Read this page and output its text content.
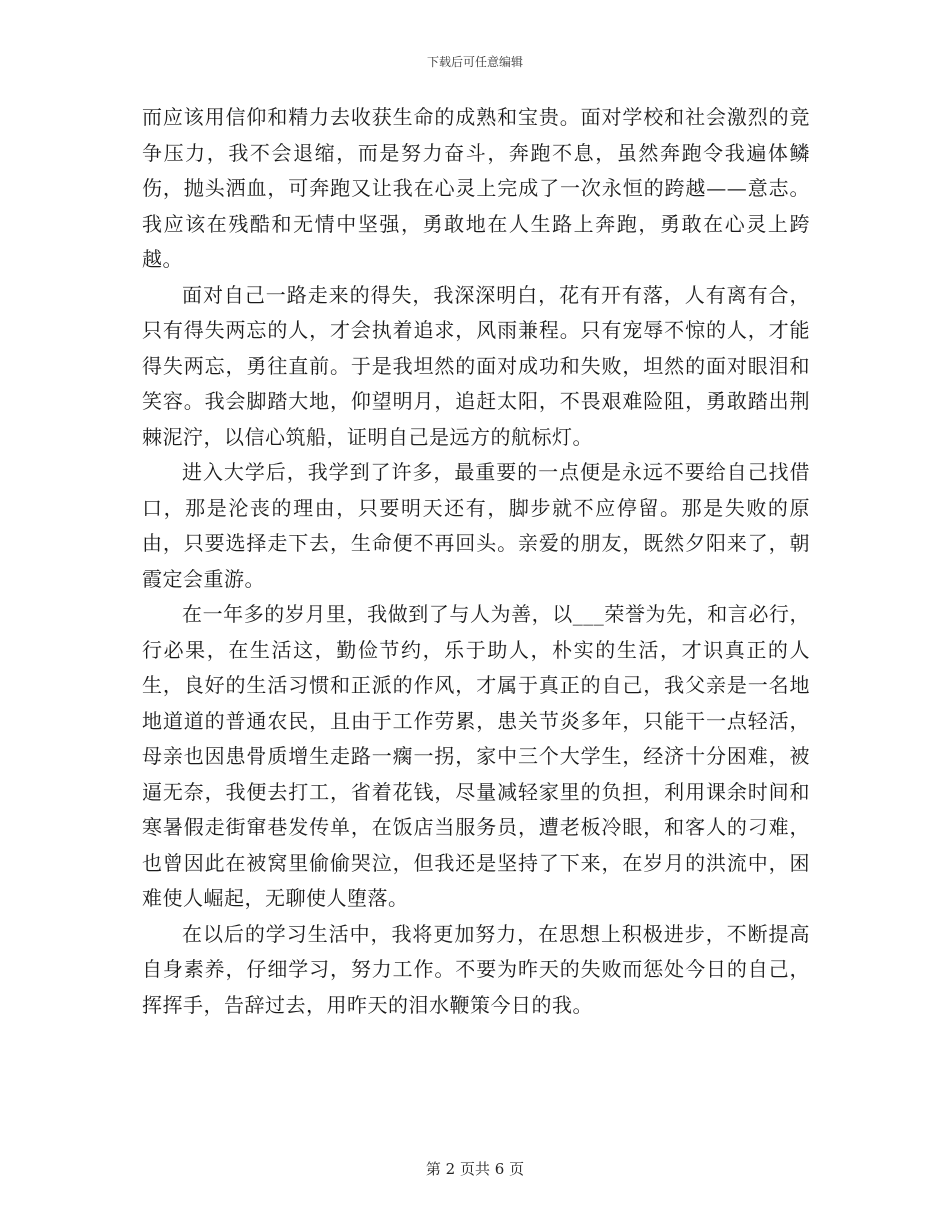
下载后可任意编辑

而应该用信仰和精力去收获生命的成熟和宝贵。面对学校和社会激烈的竞争压力，我不会退缩，而是努力奋斗，奔跑不息，虽然奔跑令我遍体鳞伤，抛头洒血，可奔跑又让我在心灵上完成了一次永恒的跨越——意志。我应该在残酷和无情中坚强，勇敢地在人生路上奔跑，勇敢在心灵上跨越。

面对自己一路走来的得失，我深深明白，花有开有落，人有离有合，只有得失两忘的人，才会执着追求，风雨兼程。只有宠辱不惊的人，才能得失两忘，勇往直前。于是我坦然的面对成功和失败，坦然的面对眼泪和笑容。我会脚踏大地，仰望明月，追赶太阳，不畏艰难险阻，勇敢踏出荆棘泥泞，以信心筑船，证明自己是远方的航标灯。

进入大学后，我学到了许多，最重要的一点便是永远不要给自己找借口，那是沦丧的理由，只要明天还有，脚步就不应停留。那是失败的原由，只要选择走下去，生命便不再回头。亲爱的朋友，既然夕阳来了，朝霞定会重游。

在一年多的岁月里，我做到了与人为善，以___荣誉为先，和言必行，行必果，在生活这，勤俭节约，乐于助人，朴实的生活，才识真正的人生，良好的生活习惯和正派的作风，才属于真正的自己，我父亲是一名地地道道的普通农民，且由于工作劳累，患关节炎多年，只能干一点轻活，母亲也因患骨质增生走路一瘸一拐，家中三个大学生，经济十分困难，被逼无奈，我便去打工，省着花钱，尽量减轻家里的负担，利用课余时间和寒暑假走街窜巷发传单，在饭店当服务员，遭老板冷眼，和客人的刁难，也曾因此在被窝里偷偷哭泣，但我还是坚持了下来，在岁月的洪流中，困难使人崛起，无聊使人堕落。

在以后的学习生活中，我将更加努力，在思想上积极进步，不断提高自身素养，仔细学习，努力工作。不要为昨天的失败而惩处今日的自己，挥挥手，告辞过去，用昨天的泪水鞭策今日的我。

第 2 页共 6 页
